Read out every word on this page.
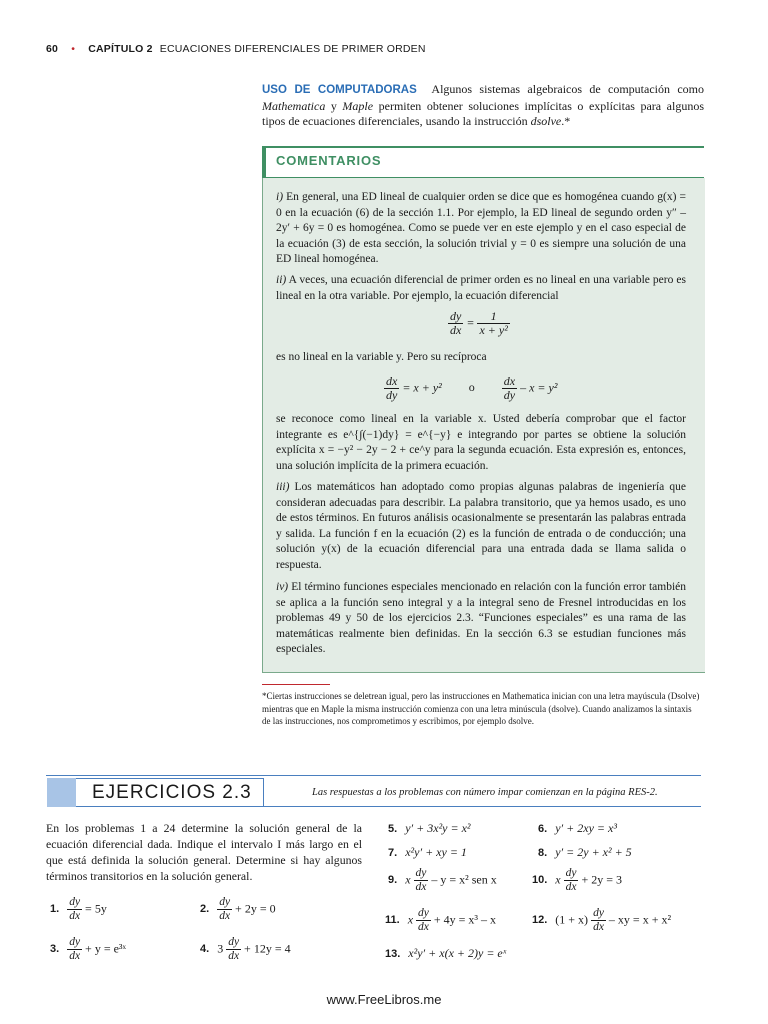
60 • CAPÍTULO 2 ECUACIONES DIFERENCIALES DE PRIMER ORDEN
USO DE COMPUTADORAS Algunos sistemas algebraicos de computación como Mathematica y Maple permiten obtener soluciones implícitas o explícitas para algunos tipos de ecuaciones diferenciales, usando la instrucción dsolve.*
COMENTARIOS
i) En general, una ED lineal de cualquier orden se dice que es homogénea cuando g(x) = 0 en la ecuación (6) de la sección 1.1. Por ejemplo, la ED lineal de segundo orden y″ – 2y′ + 6y = 0 es homogénea. Como se puede ver en este ejemplo y en el caso especial de la ecuación (3) de esta sección, la solución trivial y = 0 es siempre una solución de una ED lineal homogénea.
ii) A veces, una ecuación diferencial de primer orden es no lineal en una variable pero es lineal en la otra variable. Por ejemplo, la ecuación diferencial
$\frac{dy}{dx} = \frac{1}{\text{x + y²}}$
es no lineal en la variable y. Pero su recíproca
$\frac{dx}{dy} = x + y^2$ o $\frac{dx}{dy} - x = y^2$
se reconoce como lineal en la variable x. Usted debería comprobar que el factor integrante es e^{∫(−1)dy} = e^{−y} e integrando por partes se obtiene la solución explícita x = −y² − 2y − 2 + ce^y para la segunda ecuación. Esta expresión es, entonces, una solución implícita de la primera ecuación.
iii) Los matemáticos han adoptado como propias algunas palabras de ingeniería que consideran adecuadas para describir. La palabra transitorio, que ya hemos usado, es uno de estos términos. En futuros análisis ocasionalmente se presentarán las palabras entrada y salida. La función f en la ecuación (2) es la función de entrada o de conducción; una solución y(x) de la ecuación diferencial para una entrada dada se llama salida o respuesta.
iv) El término funciones especiales mencionado en relación con la función error también se aplica a la función seno integral y a la integral seno de Fresnel introducidas en los problemas 49 y 50 de los ejercicios 2.3. “Funciones especiales” es una rama de las matemáticas realmente bien definidas. En la sección 6.3 se estudian funciones más especiales.
*Ciertas instrucciones se deletrean igual, pero las instrucciones en Mathematica inician con una letra mayúscula (Dsolve) mientras que en Maple la misma instrucción comienza con una letra minúscula (dsolve). Cuando analizamos la sintaxis de las instrucciones, nos comprometimos y escribimos, por ejemplo dsolve.
EJERCICIOS 2.3	Las respuestas a los problemas con número impar comienzan en la página RES-2.
En los problemas 1 a 24 determine la solución general de la ecuación diferencial dada. Indique el intervalo I más largo en el que está definida la solución general. Determine si hay algunos términos transitorios en la solución general.
1. $\frac{dy}{dx} = 5y$	2. $\frac{dy}{dx} + 2y = 0$
3. $\frac{dy}{dx} + y$ = e³ˣ	4. $3 \frac{dy}{dx} + 12y = 4$
5. y′ + 3x²y = x²	6. y′ + 2xy = x³
7. x²y′ + xy = 1	8. y′ = 2y + x² + 5
9. x $\frac{dy}{dx} - y = x^2$ sen x	10. x $\frac{dy}{dx} + 2y = 3$
11. x $\frac{dy}{dx} + 4y = x^3 - x$	12. $(1 + x) \frac{dy}{dx}$ – xy = x + x²
13. x²y′ + x(x + 2)y = eˣ
www.FreeLibros.me
